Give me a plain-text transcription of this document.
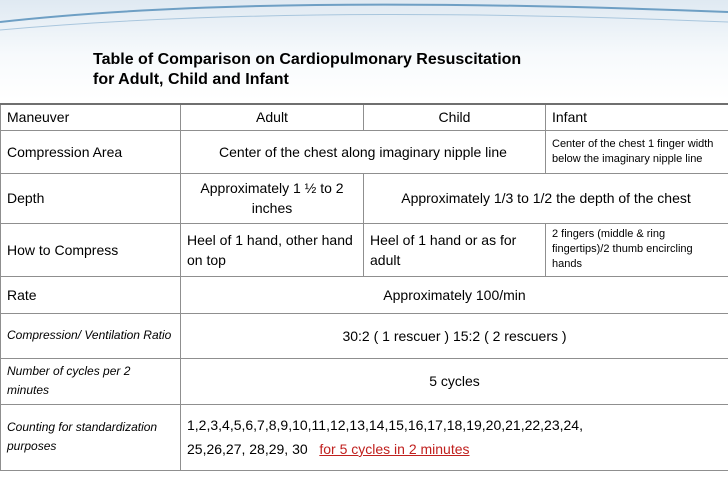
Table of Comparison on Cardiopulmonary Resuscitation
for Adult, Child and Infant
Maneuver	Adult	Child	Infant
Compression Area	Center of the chest along imaginary nipple line		Center of the chest 1 finger width below the imaginary nipple line
Depth	Approximately 1 ½ to 2 inches	Approximately 1/3 to 1/2 the depth of the chest	
How to Compress	Heel of 1 hand, other hand on top	Heel of 1 hand or as for adult	2 fingers (middle & ring fingertips)/2 thumb encircling hands
Rate	Approximately 100/min		
Compression/ Ventilation Ratio	30:2 ( 1 rescuer ) 15:2 ( 2 rescuers )		
Number of cycles per 2 minutes	5 cycles		
Counting for standardization purposes	1,2,3,4,5,6,7,8,9,10,11,12,13,14,15,16,17,18,19,20,21,22,23,24,
25,26,27, 28,29, 30 for 5 cycles in 2 minutes		
